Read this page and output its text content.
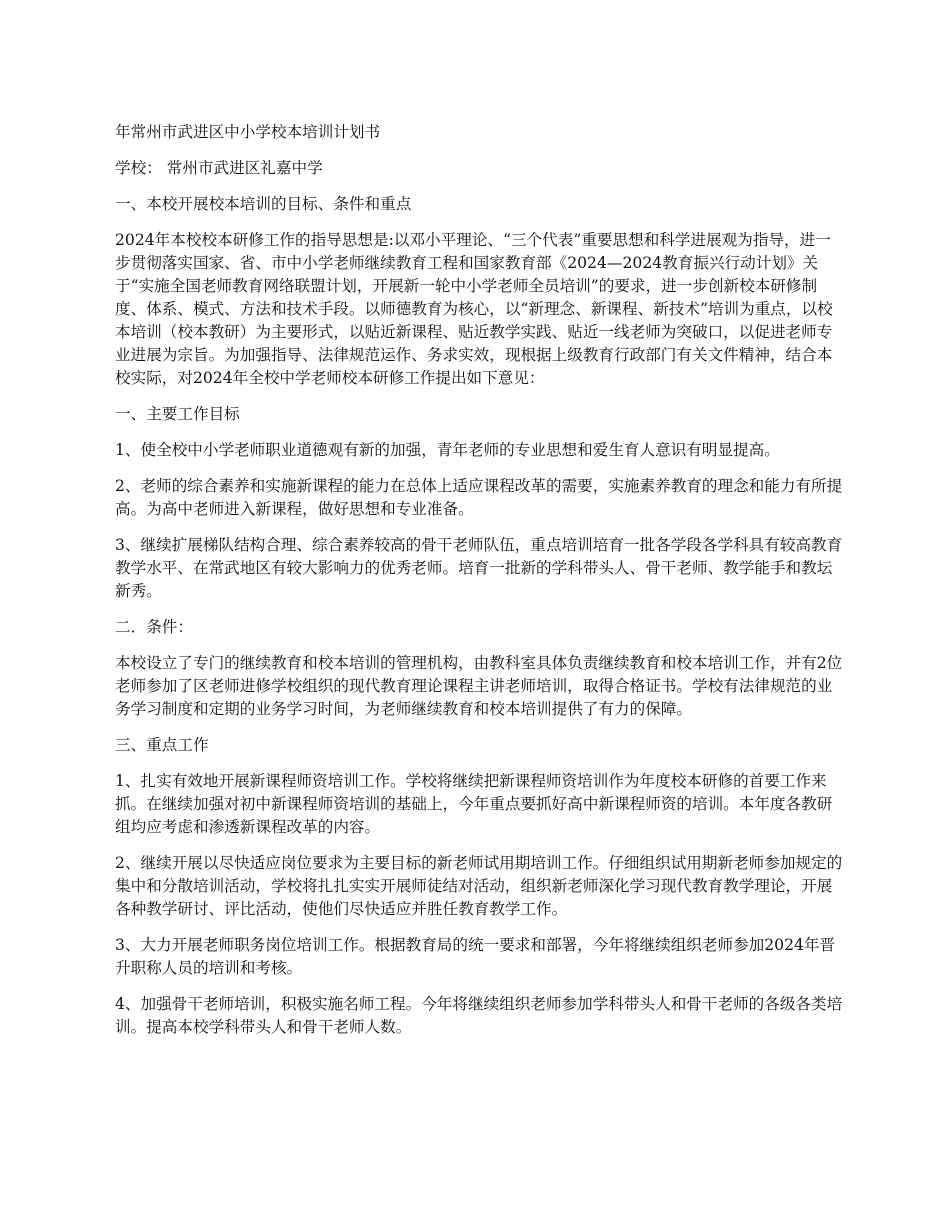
年常州市武进区中小学校本培训计划书

学校： 常州市武进区礼嘉中学

一、本校开展校本培训的目标、条件和重点

2024年本校校本研修工作的指导思想是:以邓小平理论、“三个代表”重要思想和科学进展观为指导，进一步贯彻落实国家、省、市中小学老师继续教育工程和国家教育部《2024—2024教育振兴行动计划》关于“实施全国老师教育网络联盟计划，开展新一轮中小学老师全员培训”的要求，进一步创新校本研修制度、体系、模式、方法和技术手段。以师德教育为核心，以“新理念、新课程、新技术”培训为重点，以校本培训（校本教研）为主要形式，以贴近新课程、贴近教学实践、贴近一线老师为突破口，以促进老师专业进展为宗旨。为加强指导、法律规范运作、务求实效，现根据上级教育行政部门有关文件精神，结合本校实际，对2024年全校中学老师校本研修工作提出如下意见：

一、主要工作目标

1、使全校中小学老师职业道德观有新的加强，青年老师的专业思想和爱生育人意识有明显提高。

2、老师的综合素养和实施新课程的能力在总体上适应课程改革的需要，实施素养教育的理念和能力有所提高。为高中老师进入新课程，做好思想和专业准备。

3、继续扩展梯队结构合理、综合素养较高的骨干老师队伍，重点培训培育一批各学段各学科具有较高教育教学水平、在常武地区有较大影响力的优秀老师。培育一批新的学科带头人、骨干老师、教学能手和教坛新秀。

二．条件：

本校设立了专门的继续教育和校本培训的管理机构，由教科室具体负责继续教育和校本培训工作，并有2位老师参加了区老师进修学校组织的现代教育理论课程主讲老师培训，取得合格证书。学校有法律规范的业务学习制度和定期的业务学习时间，为老师继续教育和校本培训提供了有力的保障。

三、重点工作

1、扎实有效地开展新课程师资培训工作。学校将继续把新课程师资培训作为年度校本研修的首要工作来抓。在继续加强对初中新课程师资培训的基础上，今年重点要抓好高中新课程师资的培训。本年度各教研组均应考虑和渗透新课程改革的内容。

2、继续开展以尽快适应岗位要求为主要目标的新老师试用期培训工作。仔细组织试用期新老师参加规定的集中和分散培训活动，学校将扎扎实实开展师徒结对活动，组织新老师深化学习现代教育教学理论，开展各种教学研讨、评比活动，使他们尽快适应并胜任教育教学工作。

3、大力开展老师职务岗位培训工作。根据教育局的统一要求和部署，今年将继续组织老师参加2024年晋升职称人员的培训和考核。

4、加强骨干老师培训，积极实施名师工程。今年将继续组织老师参加学科带头人和骨干老师的各级各类培训。提高本校学科带头人和骨干老师人数。
